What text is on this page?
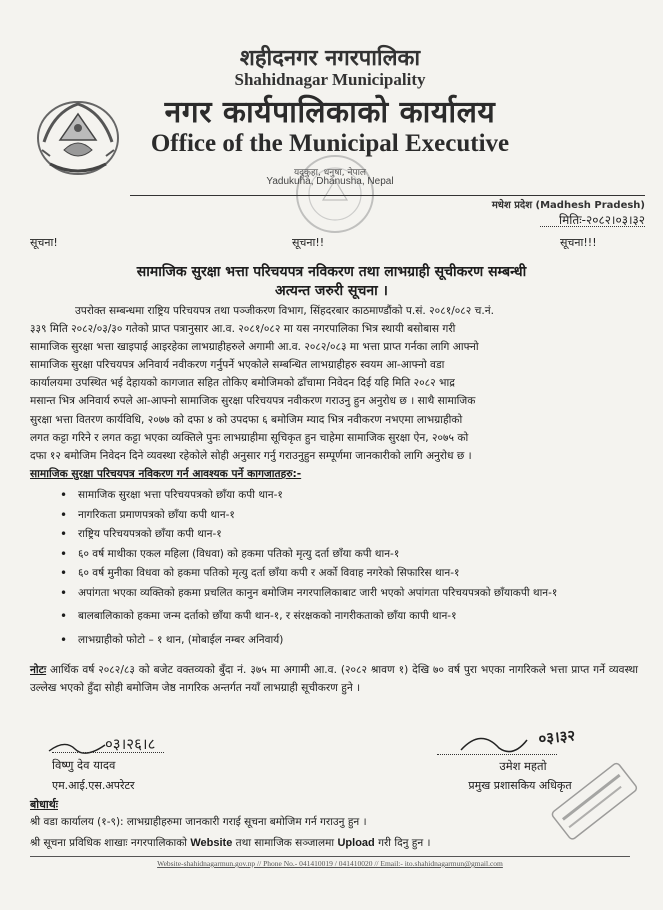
शहीदनगर नगरपालिका
Shahidnagar Municipality
नगर कार्यपालिकाको कार्यालय
Office of the Municipal Executive
यदुकुहा, धनुषा, नेपाल
Yadukuha, Dhanusha, Nepal
मधेश प्रदेश (Madhesh Pradesh)
मितिः-२०८२।०३।३२
सूचना!	सूचना!!	सूचना!!!
सामाजिक सुरक्षा भत्ता परिचयपत्र नविकरण तथा लाभग्राही सूचीकरण सम्बन्धी
अत्यन्त जरुरी सूचना ।
उपरोक्त सम्बन्धमा राष्ट्रिय परिचयपत्र तथा पञ्जीकरण विभाग, सिंहदरबार काठमाण्डौंको प.सं. २०८१/०८२ च.नं.
३३९ मिति २०८२/०३/३० गतेको प्राप्त पत्रानुसार आ.व. २०८१/०८२ मा यस नगरपालिका भित्र स्थायी बसोबास गरी
सामाजिक सुरक्षा भत्ता खाइपाई आइरहेका लाभग्राहीहरुले अगामी आ.व. २०८२/०८३ मा भत्ता प्राप्त गर्नका लागि आफ्नो
सामाजिक सुरक्षा परिचयपत्र अनिवार्य नवीकरण गर्नुपर्ने भएकोले सम्बन्धित लाभग्राहीहरु स्वयम आ-आफ्नो वडा
कार्यालयमा उपस्थित भई देहायको कागजात सहित तोकिए बमोजिमको ढाँचामा निवेदन दिई यहि मिति २०८२ भाद्र
मसान्त भित्र अनिवार्य रुपले आ-आफ्नो सामाजिक सुरक्षा परिचयपत्र नवीकरण गराउनु हुन अनुरोध छ । साथै सामाजिक
सुरक्षा भत्ता वितरण कार्यविधि, २०७७ को दफा ४ को उपदफा ६ बमोजिम म्याद भित्र नवीकरण नभएमा लाभग्राहीको
लगत कट्टा गरिने र लगत कट्टा भएका व्यक्तिले पुनः लाभग्राहीमा सूचिकृत हुन चाहेमा सामाजिक सुरक्षा ऐन, २०७५ को
दफा १२ बमोजिम निवेदन दिने व्यवस्था रहेकोले सोही अनुसार गर्नु गराउनुहुन सम्पूर्णमा जानकारीको लागि अनुरोध छ ।
सामाजिक सुरक्षा परिचयपत्र नविकरण गर्न आवश्यक पर्ने कागजातहरु:-
• सामाजिक सुरक्षा भत्ता परिचयपत्रको छाँया कपी थान-१
• नागरिकता प्रमाणपत्रको छाँया कपी थान-१
• राष्ट्रिय परिचयपत्रको छाँया कपी थान-१
• ६० वर्ष माथीका एकल महिला (विधवा) को हकमा पतिको मृत्यु दर्ता छाँया कपी थान-१
• ६० वर्ष मुनीका विधवा को हकमा पतिको मृत्यु दर्ता छाँया कपी र अर्को विवाह नगरेको सिफारिस थान-१
• अपांगता भएका व्यक्तिको हकमा प्रचलित कानुन बमोजिम नगरपालिकाबाट जारी भएको अपांगता परिचयपत्रको छाँयाकपी थान-१
• बालबालिकाको हकमा जन्म दर्ताको छाँया कपी थान-१, र संरक्षकको नागरीकताको छाँया कापी थान-१
• लाभग्राहीको फोटो – १ थान, (मोबाईल नम्बर अनिवार्य)
नोटः आर्थिक वर्ष २०८२/८३ को बजेट वक्तव्यको बुँदा नं. ३७५ मा अगामी आ.व. (२०८२ श्रावण १) देखि ७० वर्ष पुरा भएका नागरिकले भत्ता प्राप्त गर्ने व्यवस्था उल्लेख भएको हुँदा सोही बमोजिम जेष्ठ नागरिक अन्तर्गत नयाँ लाभग्राही सूचीकरण हुने ।
०३।२६।८
विष्णु देव यादव
एम.आई.एस.अपरेटर
०३।३२
उमेश महतो
प्रमुख प्रशासकिय अधिकृत
बोधार्थः
श्री वडा कार्यालय (१-९): लाभग्राहीहरुमा जानकारी गराई सूचना बमोजिम गर्न गराउनु हुन ।
श्री सूचना प्रविधिक शाखाः नगरपालिकाको Website तथा सामाजिक सञ्जालमा Upload गरी दिनु हुन ।
Website-shahidnagarmun.gov.np // Phone No.- 041410019 / 041410020 // Email:- ito.shahidnagarmun@gmail.com
